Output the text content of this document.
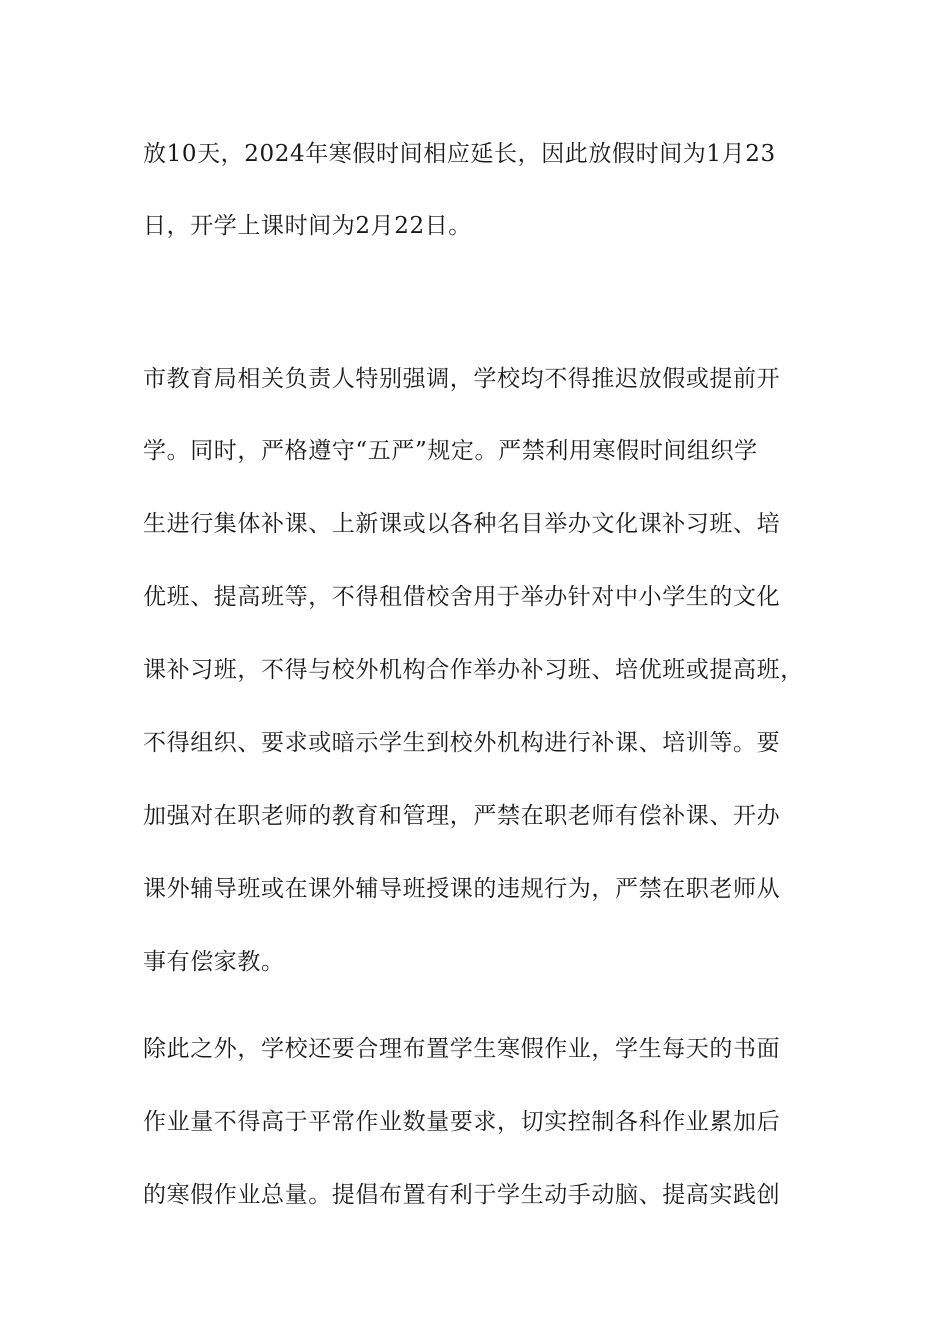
放10天，2024年寒假时间相应延长，因此放假时间为1月23
日，开学上课时间为2月22日。
市教育局相关负责人特别强调，学校均不得推迟放假或提前开
学。同时，严格遵守“五严”规定。严禁利用寒假时间组织学
生进行集体补课、上新课或以各种名目举办文化课补习班、培
优班、提高班等，不得租借校舍用于举办针对中小学生的文化
课补习班，不得与校外机构合作举办补习班、培优班或提高班，
不得组织、要求或暗示学生到校外机构进行补课、培训等。要
加强对在职老师的教育和管理，严禁在职老师有偿补课、开办
课外辅导班或在课外辅导班授课的违规行为，严禁在职老师从
事有偿家教。
除此之外，学校还要合理布置学生寒假作业，学生每天的书面
作业量不得高于平常作业数量要求，切实控制各科作业累加后
的寒假作业总量。提倡布置有利于学生动手动脑、提高实践创
